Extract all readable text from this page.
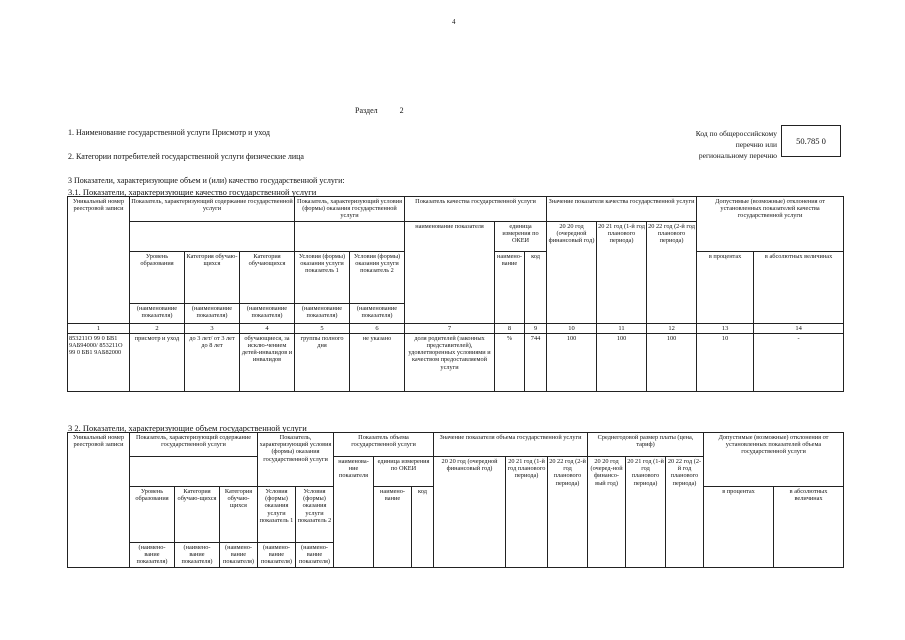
4
Раздел	2
1. Наименование государственной услуги Присмотр и уход
2. Категории потребителей государственной услуги физические лица
3 Показатели, характеризующие объем и (или) качество государственной услуги:
3.1. Показатели, характеризующие качество государственной услуги
Код по общероссийскому
перечню или
региональному перечню
50.785 0
Уникальный номер реестровой записи	Показатель, характеризующий содержание государственной услуги			Показатель, характеризующий условия (формы) оказания государственной услуги		Показатель качества государственной услуги			Значение показателя качества государственной услуги			Допустимые (возможные) отклонения от установленных показателей качества государственной услуги	
						наименование показателя	единица измерения по ОКЕИ		20 20 год (очередной финансовый год)	20 21 год (1-й год планового периода)	20 22 год (2-й год планового периода)		
	Уровень образования	Категория обучаю-щихся	Категория обучающихся	Условия (формы) оказания услуги показатель 1	Условия (формы) оказания услуги показатель 2		наимено-вание	код				в процентах	в абсолютных величинах
	(наименование показателя)	(наименование показателя)	(наименование показателя)	(наименование показателя)	(наименование показателя)								
1	2	3	4	5	6	7	8	9	10	11	12	13	14
853211О 99 0 БВ1 9АБ94000/ 853211О 99 0 БВ1 9АБ82000	присмотр и уход	до 3 лет/ от 3 лет до 8 лет	обучающиеся, за исклю-чением детей-инвалидов и инвалидов	группы полного дня	не указано	доля родителей (законных представителей), удовлетворенных условиями и качеством предоставляемой услуги	%	744	100	100	100	10	-
3 2. Показатели, характеризующие объем государственной услуги
Уникальный номер реестровой записи	Показатель, характеризующий содержание государственной услуги			Показатель, характеризующий условия (формы) оказания государственной услуги		Показатель объема государственной услуги			Значение показателя объема государственной услуги			Среднегодовой размер платы (цена, тариф)			Допустимые (возможные) отклонения от установленных показателей объема государственной услуги	
						наименова-ние показателя	единица измерения по ОКЕИ		20 20 год (очередной финансовый год)	20 21 год (1-й год планового периода)	20 22 год (2-й год планового периода)	20 20 год (очеред-ной финансо-вый год)	20 21 год (1-й год планового периода)	20 22 год (2-й год планового периода)		
	Уровень образования	Категория обучаю-щихся	Категория обучаю-щихся	Условия (формы) оказания услуги показатель 1	Условия (формы) оказания услуги показатель 2		наимено-вание	код							в процентах	в абсолютных величинах
	(наимено-вание показателя)	(наимено-вание показателя)	(наимено-вание показателя)	(наимено-вание показателя)	(наимено-вание показателя)											
